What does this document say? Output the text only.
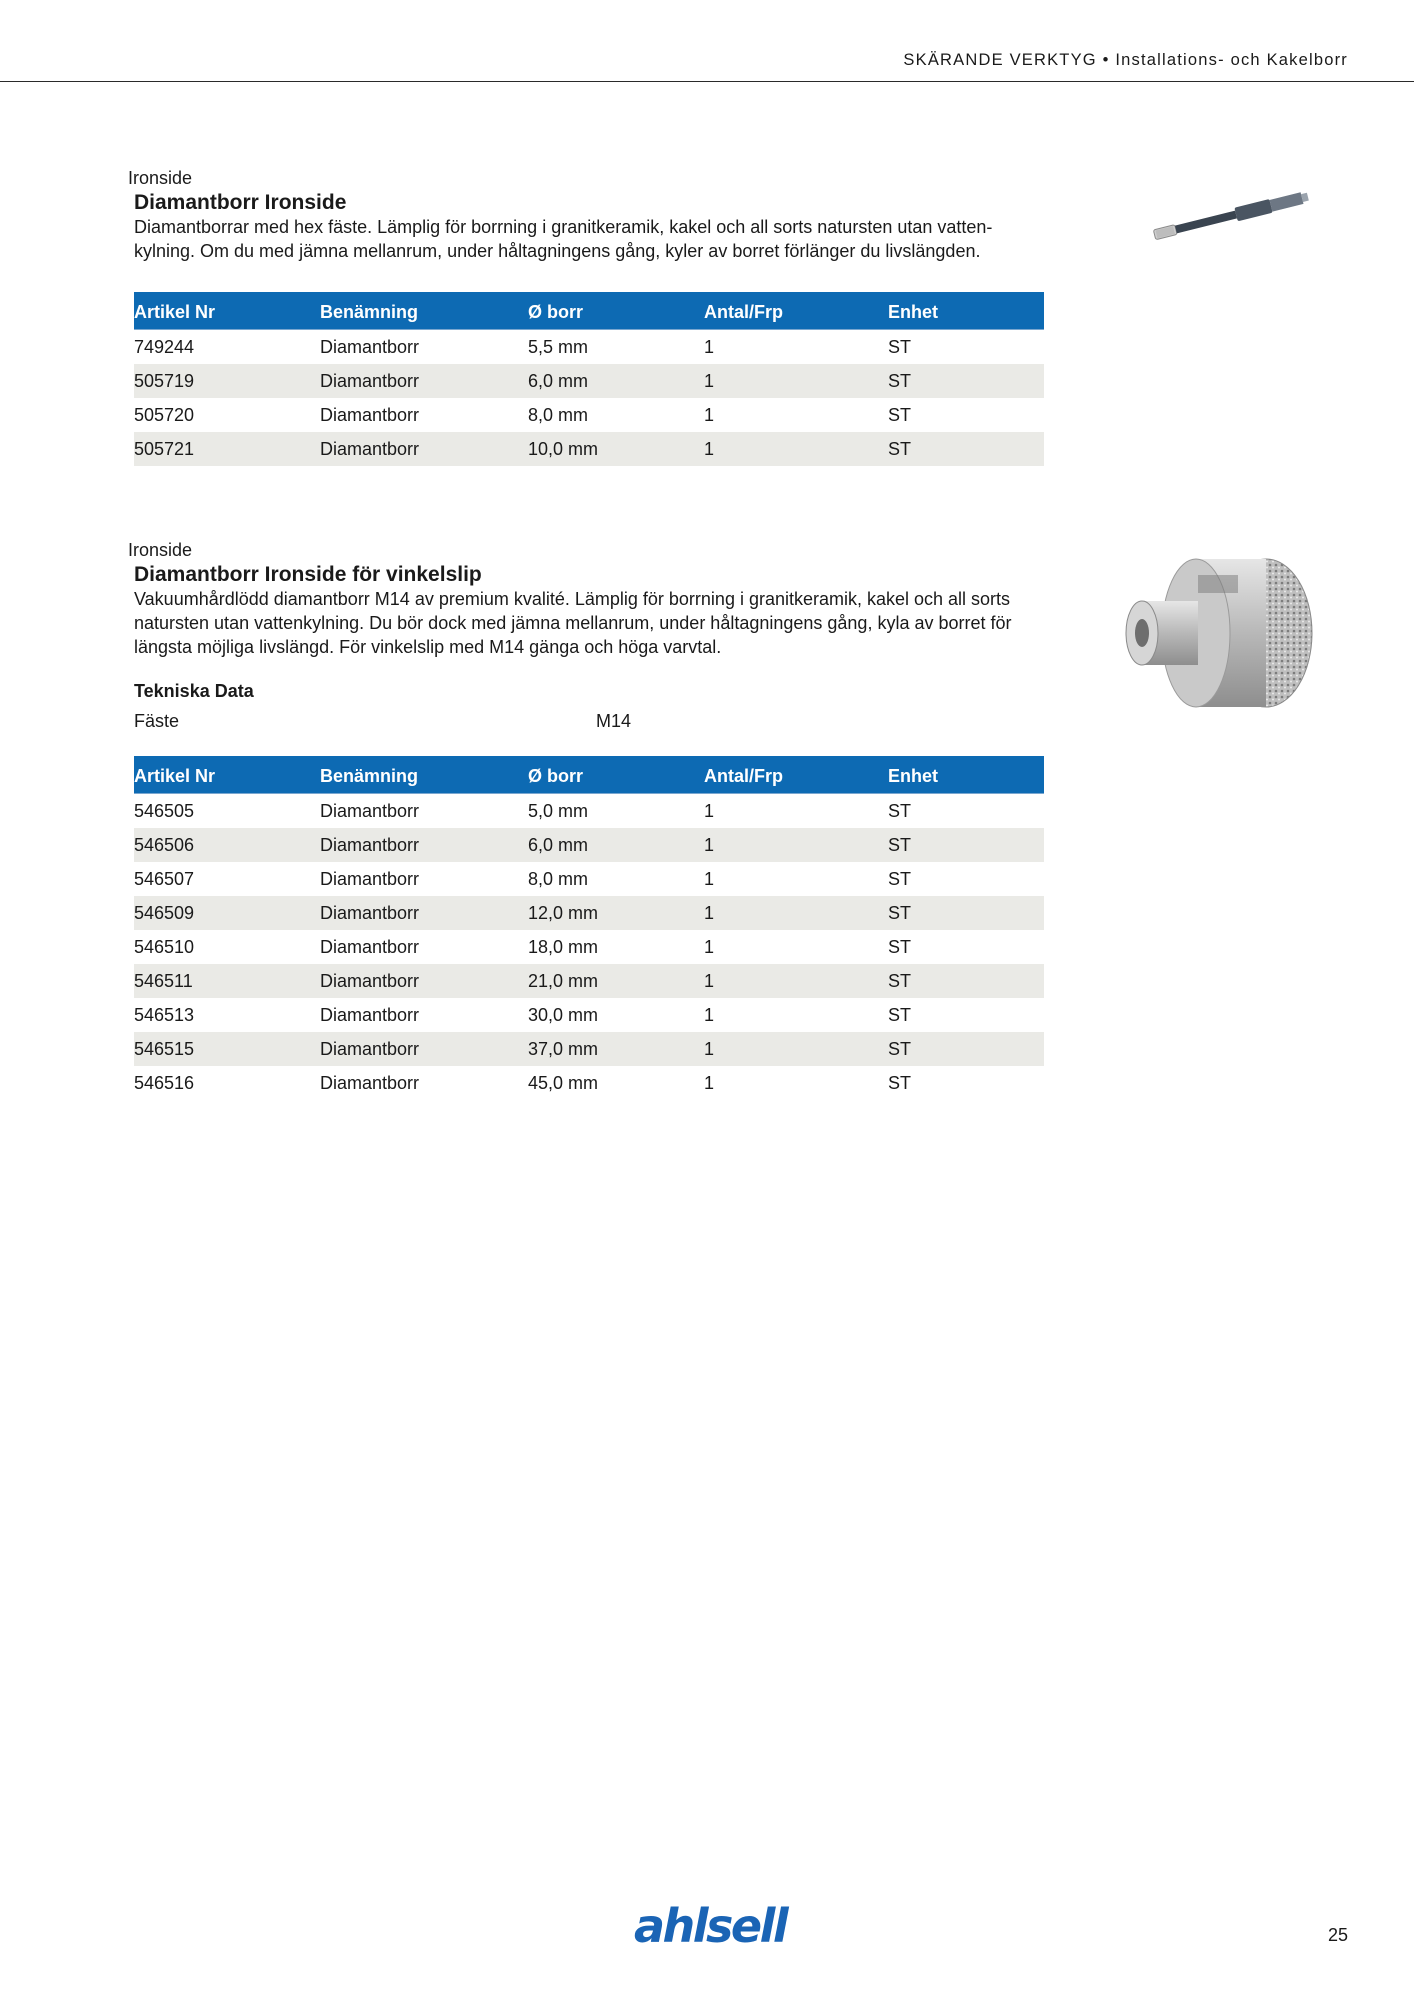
SKÄRANDE VERKTYG • Installations- och Kakelborr
Ironside
Diamantborr Ironside

Diamantborrar med hex fäste. Lämplig för borrning i granitkeramik, kakel och all sorts natursten utan vatten-kylning. Om du med jämna mellanrum, under håltagningens gång, kyler av borret förlänger du livslängden.

Artikel Nr	Benämning	Ø borr	Antal/Frp	Enhet
749244	Diamantborr	5,5 mm	1	ST
505719	Diamantborr	6,0 mm	1	ST
505720	Diamantborr	8,0 mm	1	ST
505721	Diamantborr	10,0 mm	1	ST
Ironside
Diamantborr Ironside för vinkelslip

Vakuumhårdlödd diamantborr M14 av premium kvalité. Lämplig för borrning i granitkeramik, kakel och all sorts natursten utan vattenkylning. Du bör dock med jämna mellanrum, under håltagningens gång, kyla av borret för längsta möjliga livslängd. För vinkelslip med M14 gänga och höga varvtal.

Tekniska Data
Fäste	M14
Artikel Nr	Benämning	Ø borr	Antal/Frp	Enhet
546505	Diamantborr	5,0 mm	1	ST
546506	Diamantborr	6,0 mm	1	ST
546507	Diamantborr	8,0 mm	1	ST
546509	Diamantborr	12,0 mm	1	ST
546510	Diamantborr	18,0 mm	1	ST
546511	Diamantborr	21,0 mm	1	ST
546513	Diamantborr	30,0 mm	1	ST
546515	Diamantborr	37,0 mm	1	ST
546516	Diamantborr	45,0 mm	1	ST
ahlsell	25
